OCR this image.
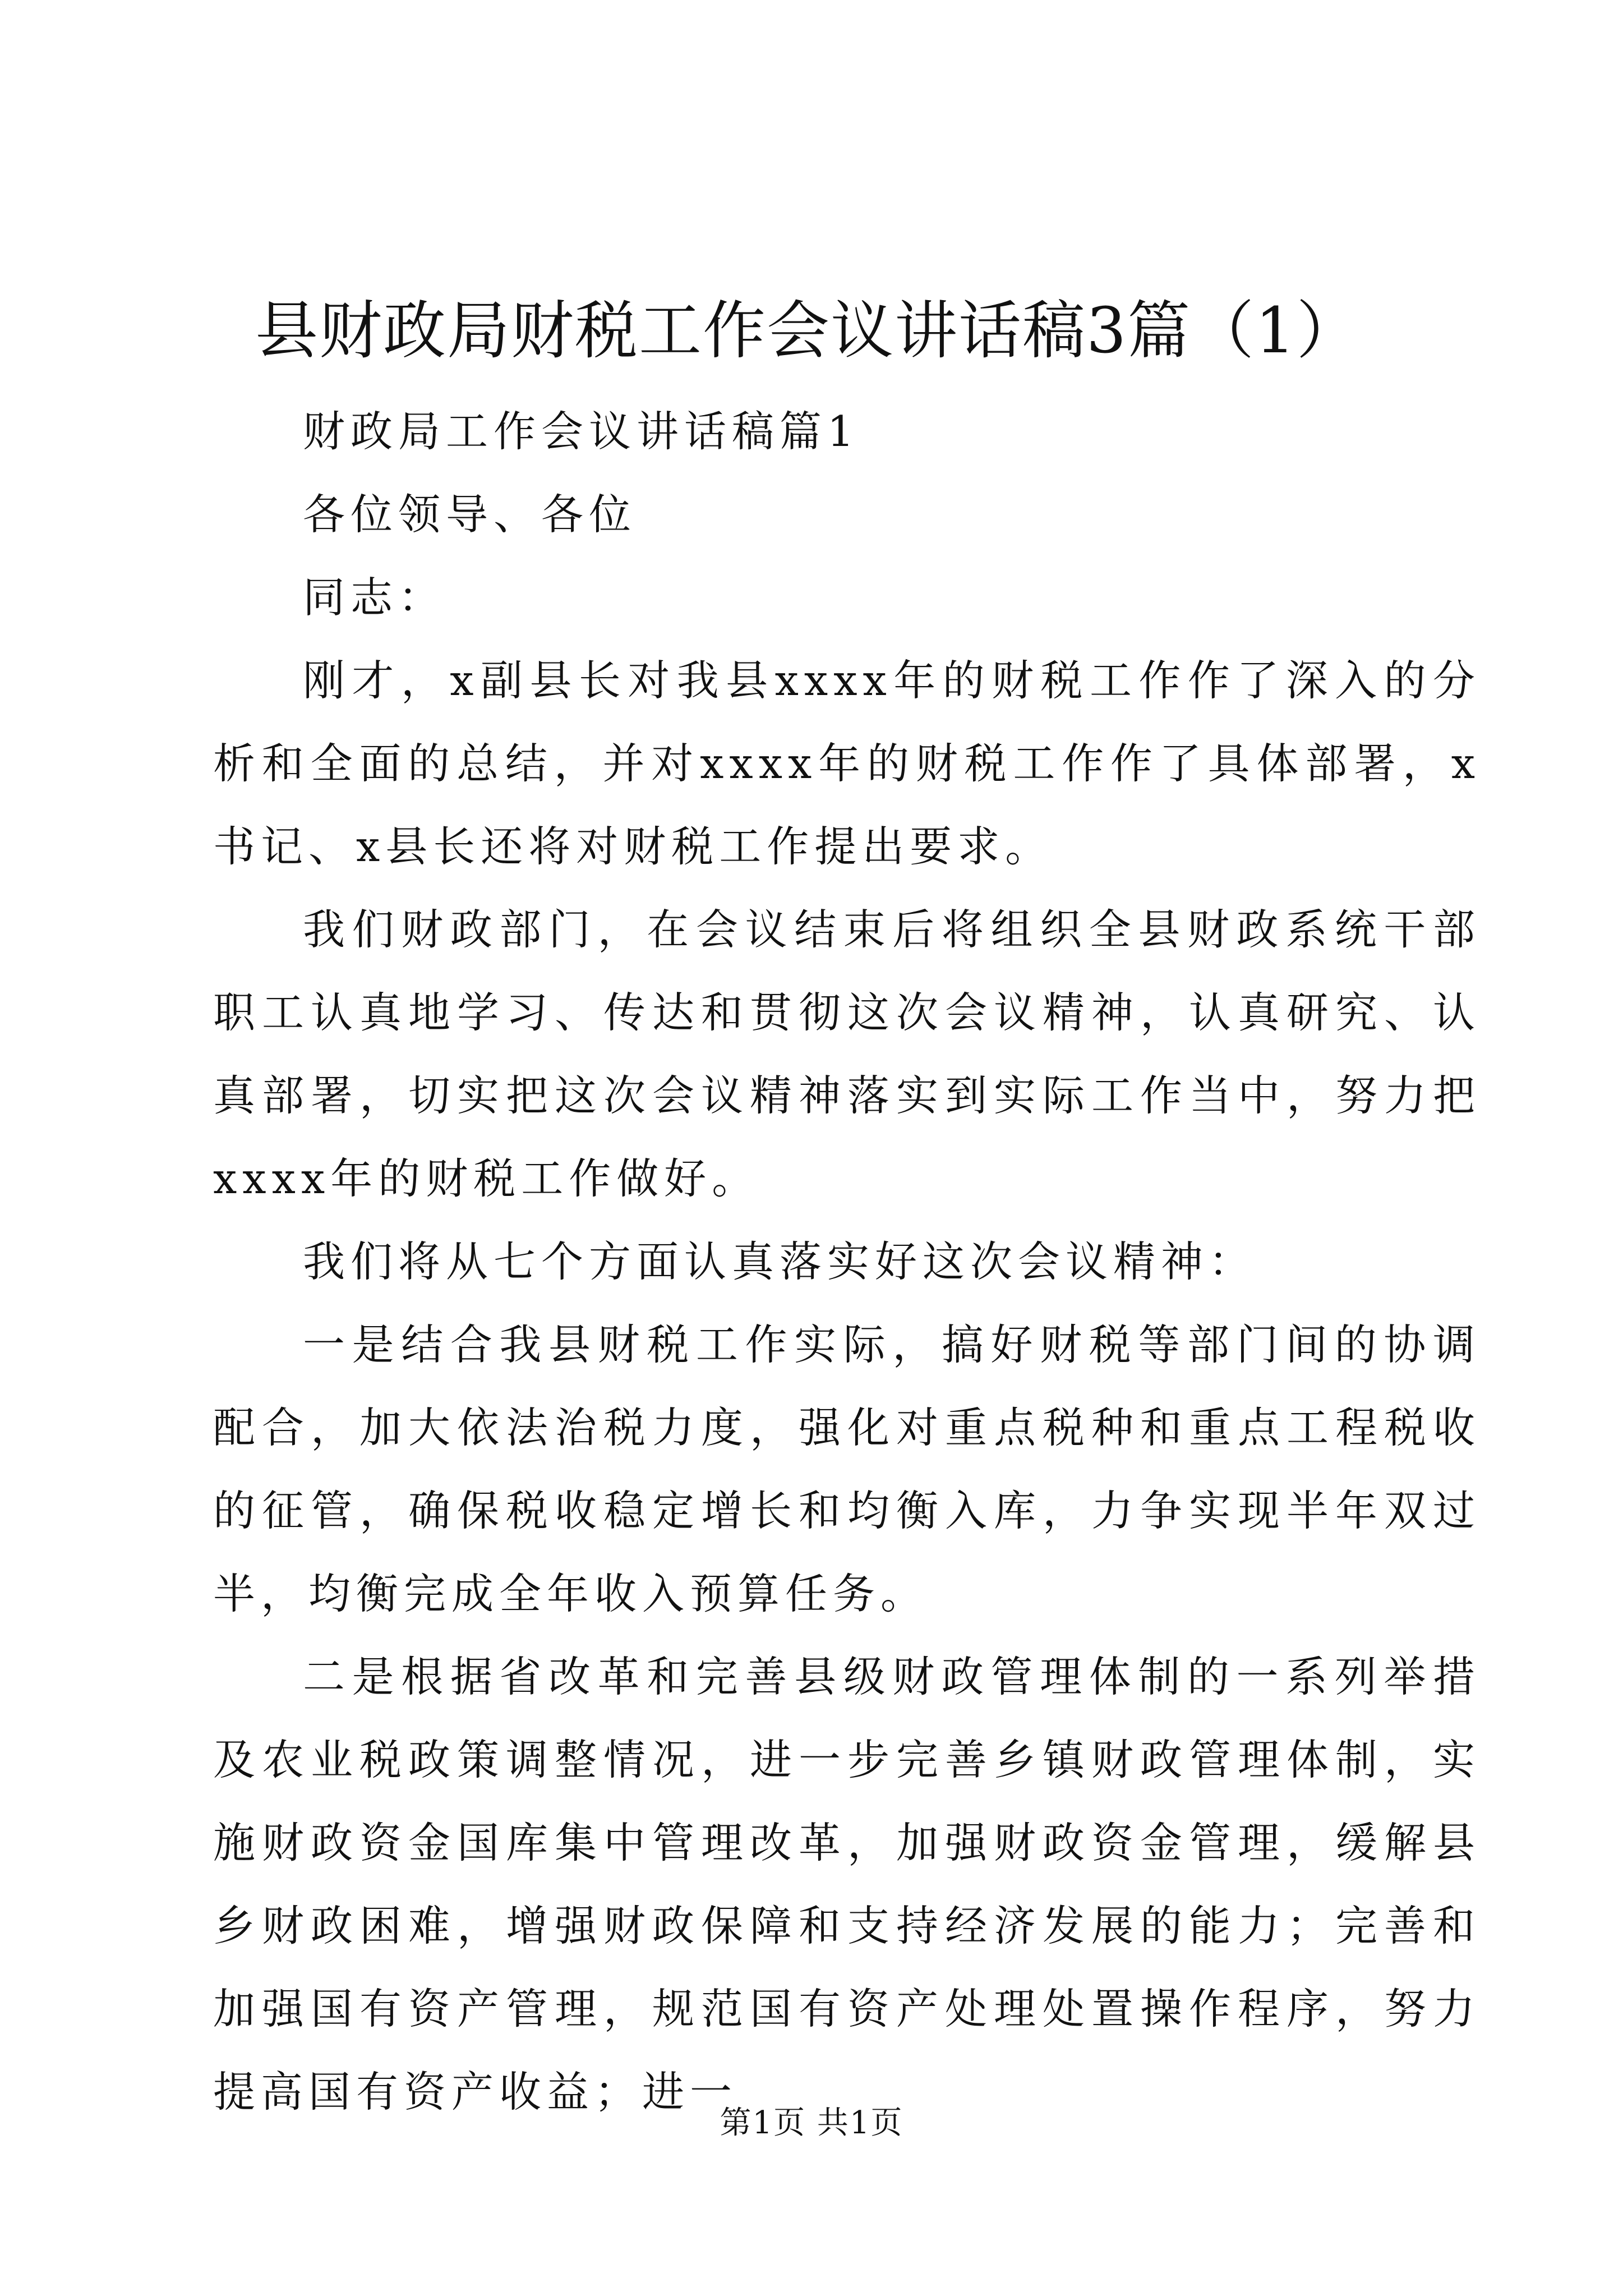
县财政局财税工作会议讲话稿3篇（1）

财政局工作会议讲话稿篇1

各位领导、各位

同志：

刚才，x副县长对我县xxxx年的财税工作作了深入的分析和全面的总结，并对xxxx年的财税工作作了具体部署，x书记、x县长还将对财税工作提出要求。

我们财政部门，在会议结束后将组织全县财政系统干部职工认真地学习、传达和贯彻这次会议精神，认真研究、认真部署，切实把这次会议精神落实到实际工作当中，努力把xxxx年的财税工作做好。

我们将从七个方面认真落实好这次会议精神：

一是结合我县财税工作实际，搞好财税等部门间的协调配合，加大依法治税力度，强化对重点税种和重点工程税收的征管，确保税收稳定增长和均衡入库，力争实现半年双过半，均衡完成全年收入预算任务。

二是根据省改革和完善县级财政管理体制的一系列举措及农业税政策调整情况，进一步完善乡镇财政管理体制，实施财政资金国库集中管理改革，加强财政资金管理，缓解县乡财政困难，增强财政保障和支持经济发展的能力；完善和加强国有资产管理，规范国有资产处理处置操作程序，努力提高国有资产收益；进一

第1页 共1页
